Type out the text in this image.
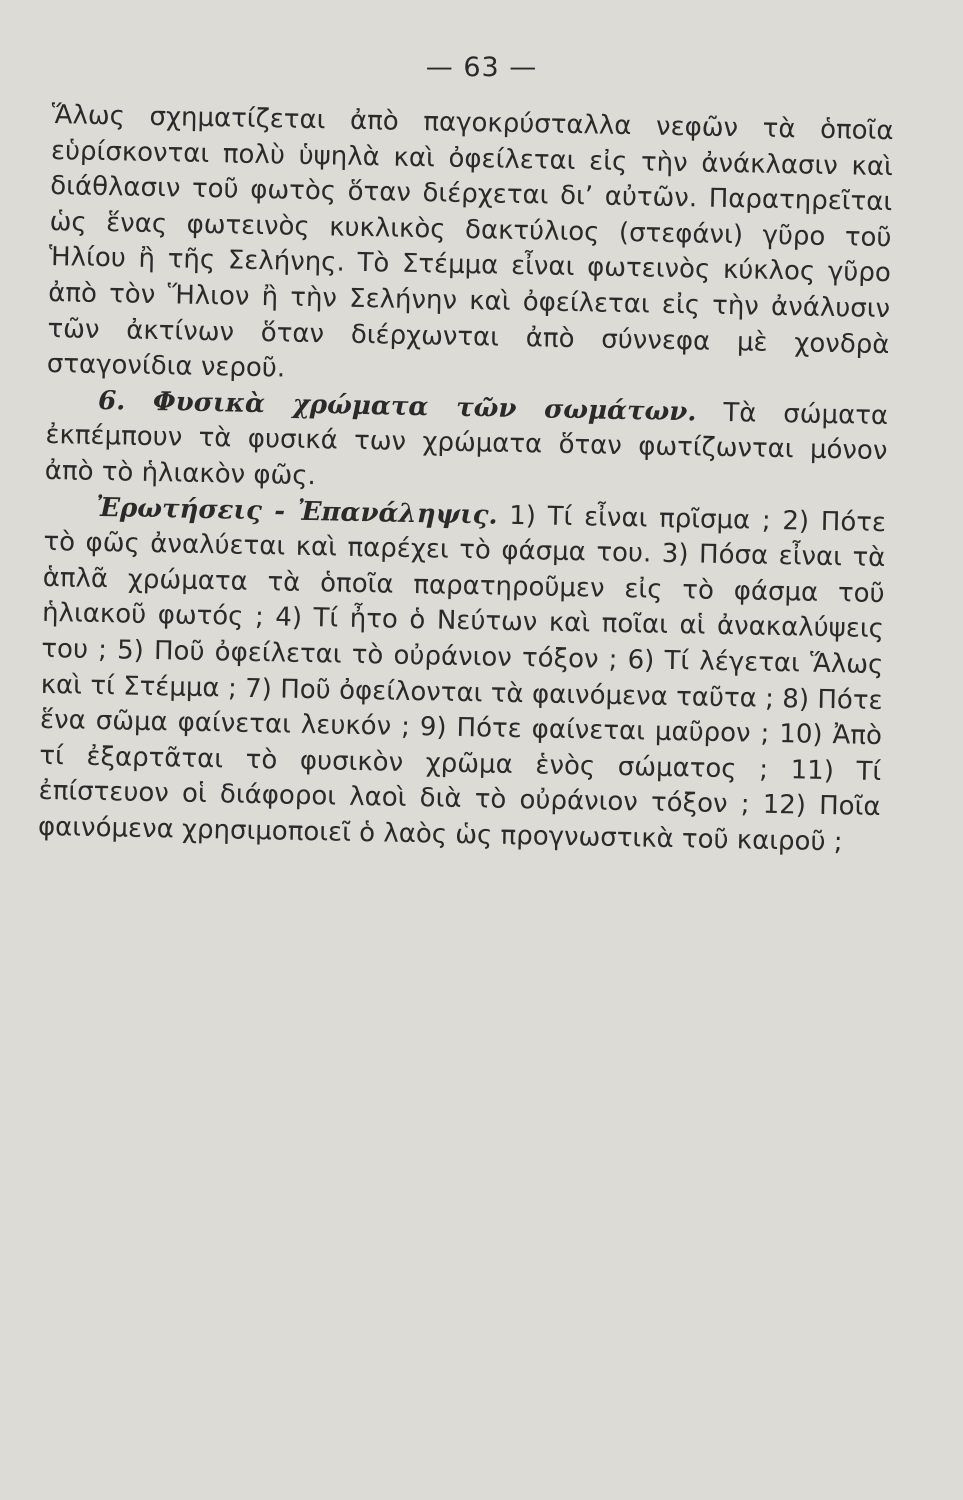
— 63 —

Ἅλως σχηματίζεται ἀπὸ παγοκρύσταλλα νεφῶν τὰ ὁποῖα εὑρίσκονται πολὺ ὑψηλὰ καὶ ὀφείλεται εἰς τὴν ἀνάκλασιν καὶ διάθλασιν τοῦ φωτὸς ὅταν διέρχεται δι’ αὐτῶν. Παρατηρεῖται ὡς ἕνας φωτεινὸς κυκλικὸς δακτύλιος (στεφάνι) γῦρο τοῦ Ἡλίου ἢ τῆς Σελήνης. Τὸ Στέμμα εἶναι φωτεινὸς κύκλος γῦρο ἀπὸ τὸν Ἥλιον ἢ τὴν Σελήνην καὶ ὀφείλεται εἰς τὴν ἀνάλυσιν τῶν ἀκτίνων ὅταν διέρχωνται ἀπὸ σύννεφα μὲ χονδρὰ σταγονίδια νεροῦ.

6. Φυσικὰ χρώματα τῶν σωμάτων. Τὰ σώματα ἐκπέμπουν τὰ φυσικά των χρώματα ὅταν φωτίζωνται μόνον ἀπὸ τὸ ἡλιακὸν φῶς.

Ἐρωτήσεις - Ἐπανάληψις. 1) Τί εἶναι πρῖσμα ; 2) Πότε τὸ φῶς ἀναλύεται καὶ παρέχει τὸ φάσμα του. 3) Πόσα εἶναι τὰ ἁπλᾶ χρώματα τὰ ὁποῖα παρατηροῦμεν εἰς τὸ φάσμα τοῦ ἡλιακοῦ φωτός ; 4) Τί ἦτο ὁ Νεύτων καὶ ποῖαι αἱ ἀνακαλύψεις του ; 5) Ποῦ ὀφείλεται τὸ οὐράνιον τόξον ; 6) Τί λέγεται Ἅλως καὶ τί Στέμμα ; 7) Ποῦ ὀφείλονται τὰ φαινόμενα ταῦτα ; 8) Πότε ἕνα σῶμα φαίνεται λευκόν ; 9) Πότε φαίνεται μαῦρον ; 10) Ἀπὸ τί ἐξαρτᾶται τὸ φυσικὸν χρῶμα ἑνὸς σώματος ; 11) Τί ἐπίστευον οἱ διάφοροι λαοὶ διὰ τὸ οὐράνιον τόξον ; 12) Ποῖα φαινόμενα χρησιμοποιεῖ ὁ λαὸς ὡς προγνωστικὰ τοῦ καιροῦ ;
